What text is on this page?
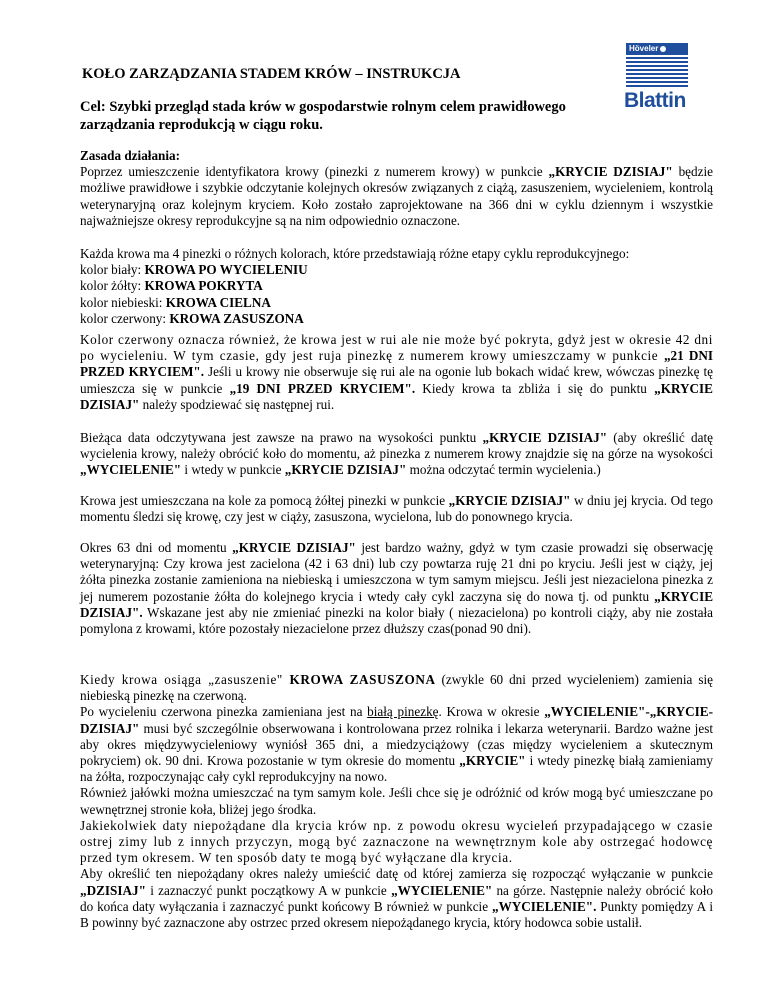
Höveler
Blattin
KOŁO ZARZĄDZANIA STADEM KRÓW – INSTRUKCJA
Cel: Szybki przegląd stada krów w gospodarstwie rolnym celem prawidłowego zarządzania reprodukcją w ciągu roku.
Zasada działania:
Poprzez umieszczenie identyfikatora krowy (pinezki z numerem krowy) w punkcie „KRYCIE DZISIAJ" będzie możliwe prawidłowe i szybkie odczytanie kolejnych okresów związanych z ciążą, zasuszeniem, wycieleniem, kontrolą weterynaryjną oraz kolejnym kryciem. Koło zostało zaprojektowane na 366 dni w cyklu dziennym i wszystkie najważniejsze okresy reprodukcyjne są na nim odpowiednio oznaczone.
Każda krowa ma 4 pinezki o różnych kolorach, które przedstawiają różne etapy cyklu reprodukcyjnego:
kolor biały: KROWA PO WYCIELENIU
kolor żółty: KROWA POKRYTA
kolor niebieski: KROWA CIELNA
kolor czerwony: KROWA ZASUSZONA
Kolor czerwony oznacza również, że krowa jest w rui ale nie może być pokryta, gdyż jest w okresie 42 dni po wycieleniu. W tym czasie, gdy jest ruja pinezkę z numerem krowy umieszczamy w punkcie „21 DNI PRZED KRYCIEM". Jeśli u krowy nie obserwuje się rui ale na ogonie lub bokach widać krew, wówczas pinezkę tę umieszcza się w punkcie „19 DNI PRZED KRYCIEM". Kiedy krowa ta zbliża i się do punktu „KRYCIE DZISIAJ" należy spodziewać się następnej rui.
Bieżąca data odczytywana jest zawsze na prawo na wysokości punktu „KRYCIE DZISIAJ" (aby określić datę wycielenia krowy, należy obrócić koło do momentu, aż pinezka z numerem krowy znajdzie się na górze na wysokości „WYCIELENIE" i wtedy w punkcie „KRYCIE DZISIAJ" można odczytać termin wycielenia.)
Krowa jest umieszczana na kole za pomocą żółtej pinezki w punkcie „KRYCIE DZISIAJ" w dniu jej krycia. Od tego momentu śledzi się krowę, czy jest w ciąży, zasuszona, wycielona, lub do ponownego krycia.
Okres 63 dni od momentu „KRYCIE DZISIAJ" jest bardzo ważny, gdyż w tym czasie prowadzi się obserwację weterynaryjną: Czy krowa jest zacielona (42 i 63 dni) lub czy powtarza ruję 21 dni po kryciu. Jeśli jest w ciąży, jej żółta pinezka zostanie zamieniona na niebieską i umieszczona w tym samym miejscu. Jeśli jest niezacielona pinezka z jej numerem pozostanie żółta do kolejnego krycia i wtedy cały cykl zaczyna się do nowa tj. od punktu „KRYCIE DZISIAJ". Wskazane jest aby nie zmieniać pinezki na kolor biały ( niezacielona) po kontroli ciąży, aby nie została pomylona z krowami, które pozostały niezacielone przez dłuższy czas(ponad 90 dni).
Kiedy krowa osiąga „zasuszenie" KROWA ZASUSZONA (zwykle 60 dni przed wycieleniem) zamienia się niebieską pinezkę na czerwoną.
Po wycieleniu czerwona pinezka zamieniana jest na białą pinezkę. Krowa w okresie „WYCIELENIE"-„KRYCIE-DZISIAJ" musi być szczególnie obserwowana i kontrolowana przez rolnika i lekarza weterynarii. Bardzo ważne jest aby okres międzywycieleniowy wyniósł 365 dni, a miedzyciążowy (czas między wycieleniem a skutecznym pokryciem) ok. 90 dni. Krowa pozostanie w tym okresie do momentu „KRYCIE" i wtedy pinezkę białą zamieniamy na żółta, rozpoczynając cały cykl reprodukcyjny na nowo.
Również jałówki można umieszczać na tym samym kole. Jeśli chce się je odróżnić od krów mogą być umieszczane po wewnętrznej stronie koła, bliżej jego środka.
Jakiekolwiek daty niepożądane dla krycia krów np. z powodu okresu wycieleń przypadającego w czasie ostrej zimy lub z innych przyczyn, mogą być zaznaczone na wewnętrznym kole aby ostrzegać hodowcę przed tym okresem. W ten sposób daty te mogą być wyłączane dla krycia.
Aby określić ten niepożądany okres należy umieścić datę od której zamierza się rozpocząć wyłączanie w punkcie „DZISIAJ" i zaznaczyć punkt początkowy A w punkcie „WYCIELENIE" na górze. Następnie należy obrócić koło do końca daty wyłączania i zaznaczyć punkt końcowy B również w punkcie „WYCIELENIE". Punkty pomiędzy A i B powinny być zaznaczone aby ostrzec przed okresem niepożądanego krycia, który hodowca sobie ustalił.
